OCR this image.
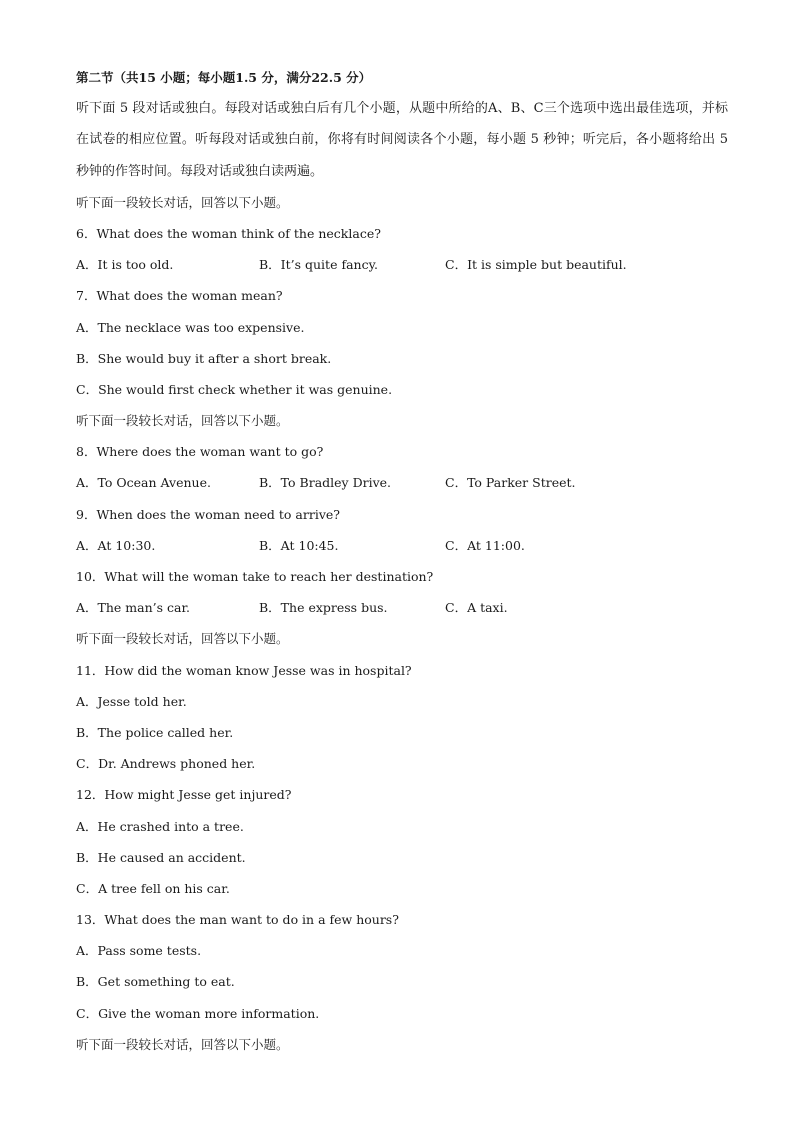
第二节（共15 小题；每小题1.5 分，满分22.5 分）
听下面 5 段对话或独白。每段对话或独白后有几个小题，从题中所给的A、B、C三个选项中选出最佳选项，并标在试卷的相应位置。听每段对话或独白前，你将有时间阅读各个小题，每小题 5 秒钟；听完后，各小题将给出 5 秒钟的作答时间。每段对话或独白读两遍。
听下面一段较长对话，回答以下小题。
6．What does the woman think of the necklace?
A．It is too old.	B．It’s quite fancy.	C．It is simple but beautiful.
7．What does the woman mean?
A．The necklace was too expensive.
B．She would buy it after a short break.
C．She would first check whether it was genuine.
听下面一段较长对话，回答以下小题。
8．Where does the woman want to go?
A．To Ocean Avenue.	B．To Bradley Drive.	C．To Parker Street.
9．When does the woman need to arrive?
A．At 10:30.	B．At 10:45.	C．At 11:00.
10．What will the woman take to reach her destination?
A．The man’s car.	B．The express bus.	C．A taxi.
听下面一段较长对话，回答以下小题。
11．How did the woman know Jesse was in hospital?
A．Jesse told her.
B．The police called her.
C．Dr. Andrews phoned her.
12．How might Jesse get injured?
A．He crashed into a tree.
B．He caused an accident.
C．A tree fell on his car.
13．What does the man want to do in a few hours?
A．Pass some tests.
B．Get something to eat.
C．Give the woman more information.
听下面一段较长对话，回答以下小题。
